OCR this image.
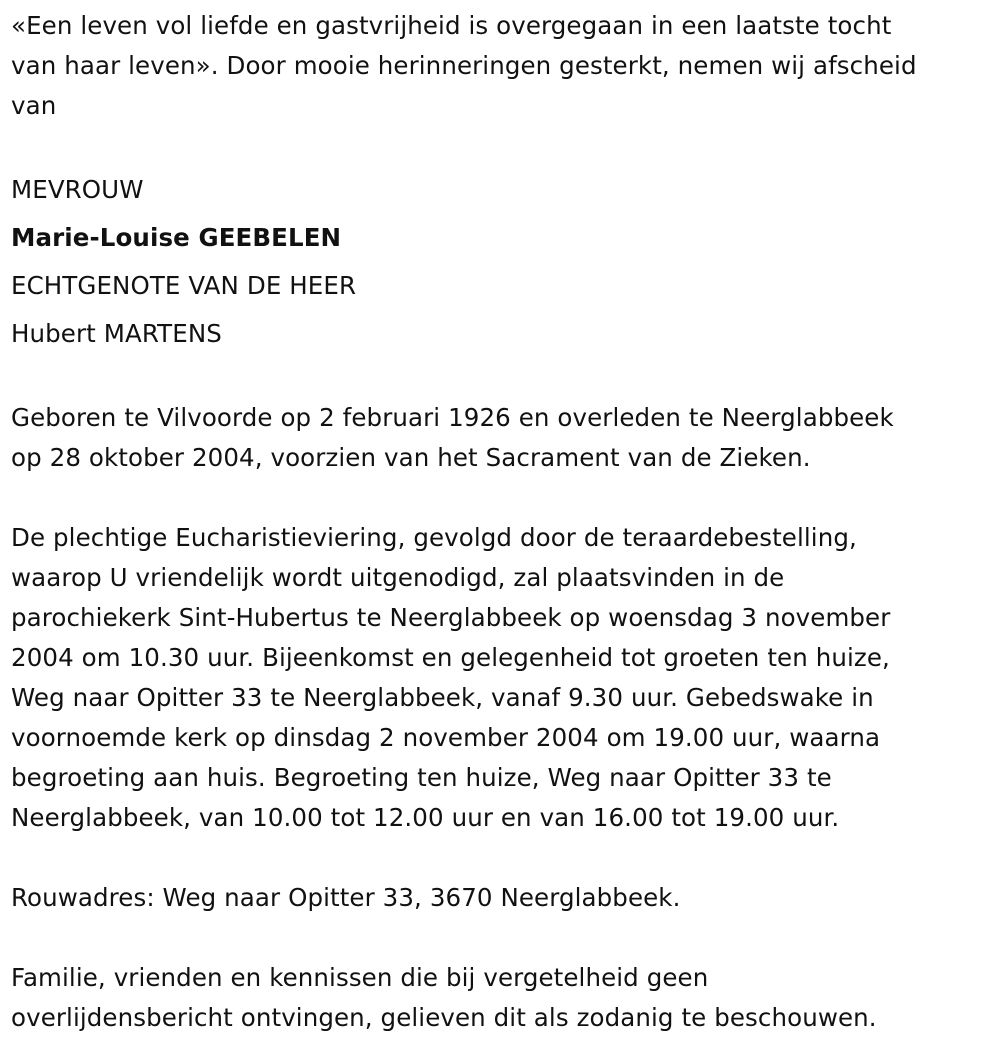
«Een leven vol liefde en gastvrijheid is overgegaan in een laatste tocht
van haar leven». Door mooie herinneringen gesterkt, nemen wij afscheid
van
MEVROUW
Marie-Louise GEEBELEN
ECHTGENOTE VAN DE HEER
Hubert MARTENS
Geboren te Vilvoorde op 2 februari 1926 en overleden te Neerglabbeek
op 28 oktober 2004, voorzien van het Sacrament van de Zieken.
De plechtige Eucharistieviering, gevolgd door de teraardebestelling,
waarop U vriendelijk wordt uitgenodigd, zal plaatsvinden in de
parochiekerk Sint-Hubertus te Neerglabbeek op woensdag 3 november
2004 om 10.30 uur. Bijeenkomst en gelegenheid tot groeten ten huize,
Weg naar Opitter 33 te Neerglabbeek, vanaf 9.30 uur. Gebedswake in
voornoemde kerk op dinsdag 2 november 2004 om 19.00 uur, waarna
begroeting aan huis. Begroeting ten huize, Weg naar Opitter 33 te
Neerglabbeek, van 10.00 tot 12.00 uur en van 16.00 tot 19.00 uur.
Rouwadres: Weg naar Opitter 33, 3670 Neerglabbeek.
Familie, vrienden en kennissen die bij vergetelheid geen
overlijdensbericht ontvingen, gelieven dit als zodanig te beschouwen.
